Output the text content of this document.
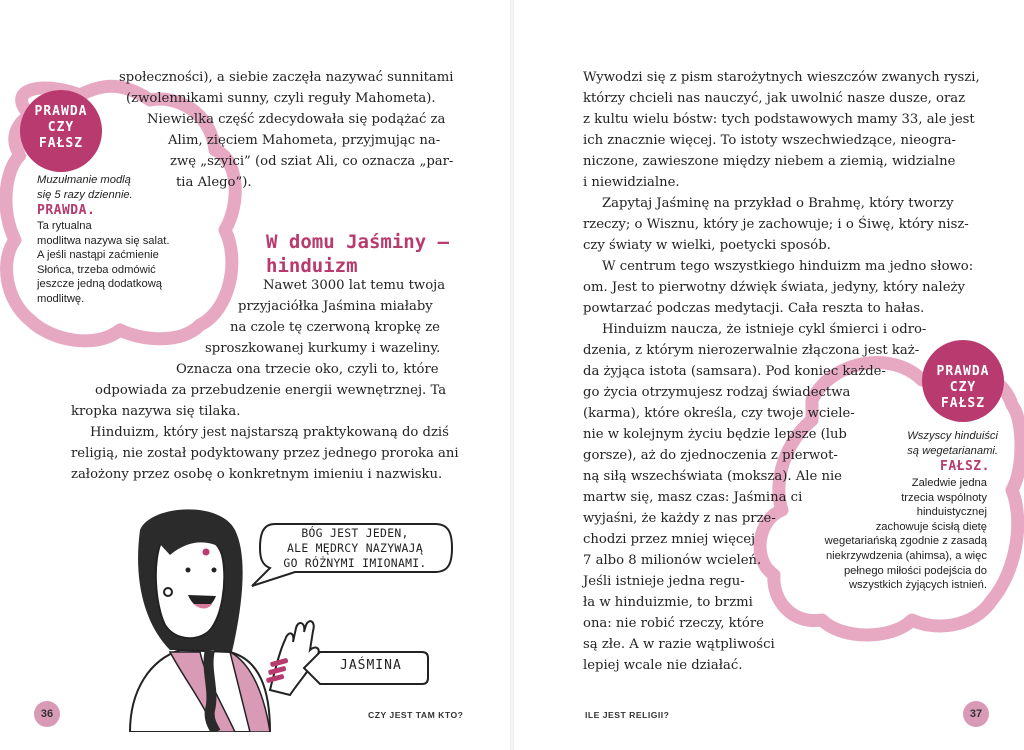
PRAWDA
CZY
FAŁSZ
Muzułmanie modlą
się 5 razy dziennie.
PRAWDA.
Ta rytualna
modlitwa nazywa się salat.
A jeśli nastąpi zaćmienie
Słońca, trzeba odmówić
jeszcze jedną dodatkową
modlitwę.
społeczności), a siebie zaczęła nazywać sunnitami
(zwolennikami sunny, czyli reguły Mahometa).
Niewielka część zdecydowała się podążać za
Alim, zięciem Mahometa, przyjmując na-
zwę „szyici” (od sziat Ali, co oznacza „par-
tia Alego”).
W domu Jaśminy –
hinduizm
Nawet 3000 lat temu twoja
przyjaciółka Jaśmina miałaby
na czole tę czerwoną kropkę ze
sproszkowanej kurkumy i wazeliny.
Oznacza ona trzecie oko, czyli to, które
odpowiada za przebudzenie energii wewnętrznej. Ta
kropka nazywa się tilaka.
Hinduizm, który jest najstarszą praktykowaną do dziś
religią, nie został podyktowany przez jednego proroka ani
założony przez osobę o konkretnym imieniu i nazwisku.
BÓG JEST JEDEN,
ALE MĘDRCY NAZYWAJĄ
GO RÓŻNYMI IMIONAMI.
JAŚMINA
36	CZY JEST TAM KTO?
PRAWDA
CZY
FAŁSZ
Wszyscy hinduiści
są wegetarianami.
FAŁSZ.
Zaledwie jedna
trzecia wspólnoty
hinduistycznej
zachowuje ścisłą dietę
wegetariańską zgodnie z zasadą
niekrzywdzenia (ahimsa), a więc
pełnego miłości podejścia do
wszystkich żyjących istnień.
Wywodzi się z pism starożytnych wieszczów zwanych ryszi,
którzy chcieli nas nauczyć, jak uwolnić nasze dusze, oraz
z kultu wielu bóstw: tych podstawowych mamy 33, ale jest
ich znacznie więcej. To istoty wszechwiedzące, nieogra-
niczone, zawieszone między niebem a ziemią, widzialne
i niewidzialne.
Zapytaj Jaśminę na przykład o Brahmę, który tworzy
rzeczy; o Wisznu, który je zachowuje; i o Śiwę, który nisz-
czy światy w wielki, poetycki sposób.
W centrum tego wszystkiego hinduizm ma jedno słowo:
om. Jest to pierwotny dźwięk świata, jedyny, który należy
powtarzać podczas medytacji. Cała reszta to hałas.
Hinduizm naucza, że istnieje cykl śmierci i odro-
dzenia, z którym nierozerwalnie złączona jest każ-
da żyjąca istota (samsara). Pod koniec każde-
go życia otrzymujesz rodzaj świadectwa
(karma), które określa, czy twoje wciele-
nie w kolejnym życiu będzie lepsze (lub
gorsze), aż do zjednoczenia z pierwot-
ną siłą wszechświata (moksza). Ale nie
martw się, masz czas: Jaśmina ci
wyjaśni, że każdy z nas prze-
chodzi przez mniej więcej
7 albo 8 milionów wcieleń.
Jeśli istnieje jedna regu-
ła w hinduizmie, to brzmi
ona: nie robić rzeczy, które
są złe. A w razie wątpliwości
lepiej wcale nie działać.
ILE JEST RELIGII?	37
